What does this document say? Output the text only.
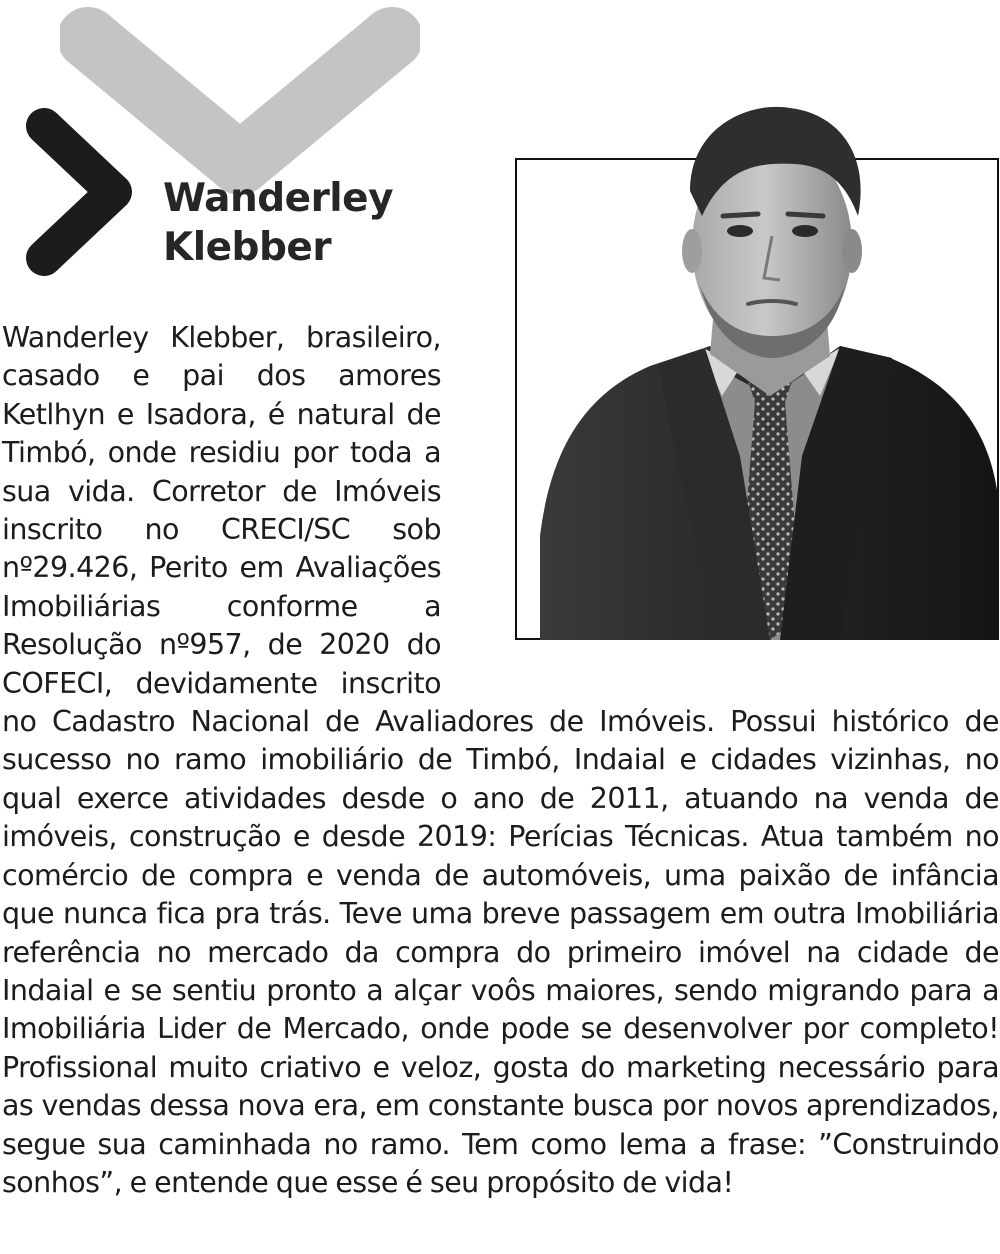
Wanderley
Klebber

Wanderley Klebber, brasileiro, casado e pai dos amores Ketlhyn e Isadora, é natural de Timbó, onde residiu por toda a sua vida. Corretor de Imóveis inscrito no CRECI/SC sob nº29.426, Perito em Avaliações Imobiliárias conforme a Resolução nº957, de 2020 do COFECI, devidamente inscrito no Cadastro Nacional de Avaliadores de Imóveis. Possui histórico de sucesso no ramo imobiliário de Timbó, Indaial e cidades vizinhas, no qual exerce atividades desde o ano de 2011, atuando na venda de imóveis, construção e desde 2019: Perícias Técnicas. Atua também no comércio de compra e venda de automóveis, uma paixão de infância que nunca fica pra trás. Teve uma breve passagem em outra Imobiliária referência no mercado da compra do primeiro imóvel na cidade de Indaial e se sentiu pronto a alçar voôs maiores, sendo migrando para a Imobiliária Lider de Mercado, onde pode se desenvolver por completo! Profissional muito criativo e veloz, gosta do marketing necessário para as vendas dessa nova era, em constante busca por novos aprendizados, segue sua caminhada no ramo. Tem como lema a frase: ”Construindo sonhos”, e entende que esse é seu propósito de vida!
